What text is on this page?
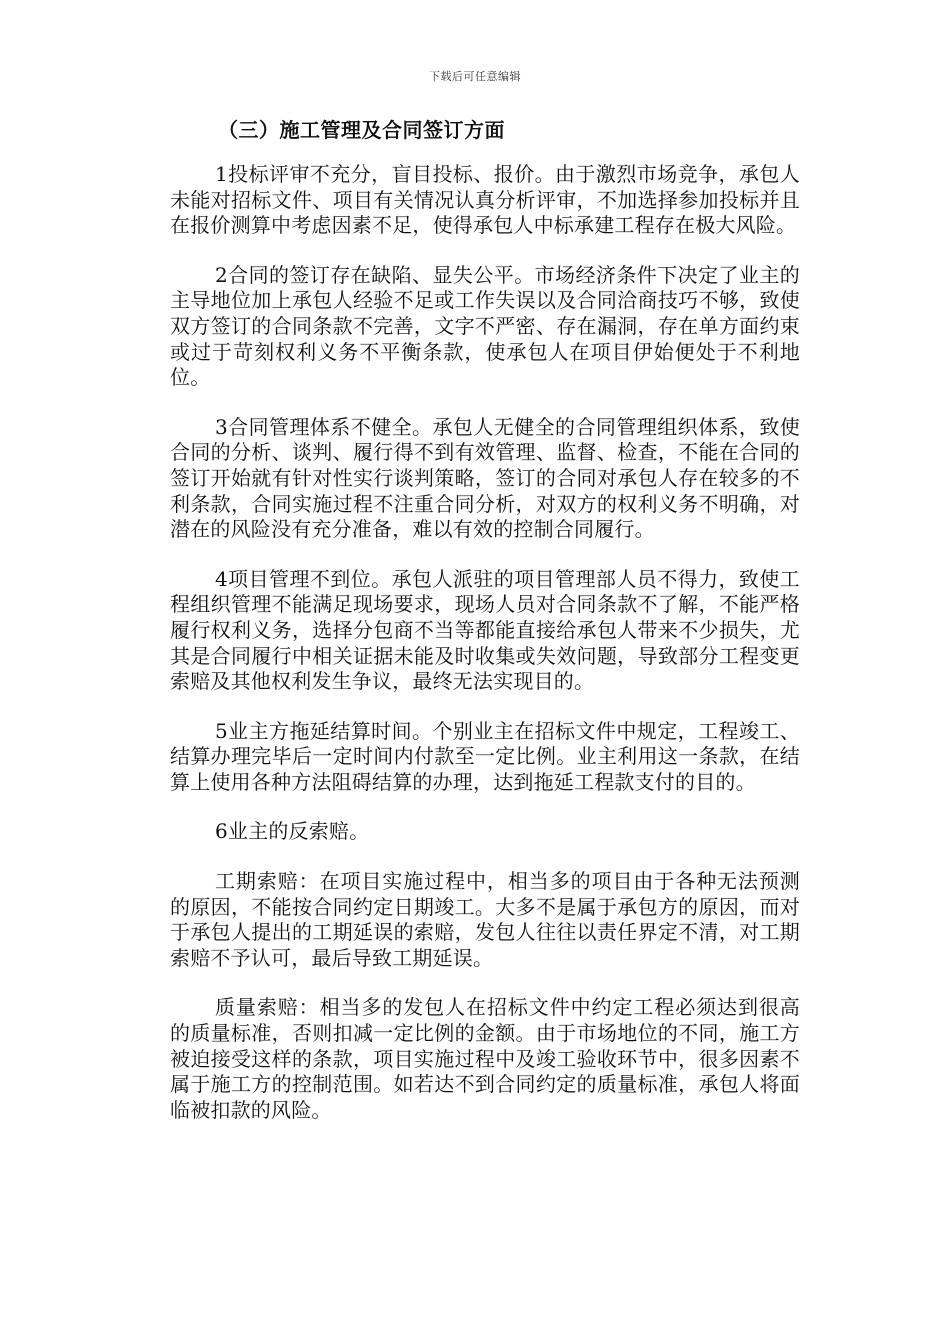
下载后可任意编辑
（三）施工管理及合同签订方面

1投标评审不充分，盲目投标、报价。由于激烈市场竞争，承包人未能对招标文件、项目有关情况认真分析评审，不加选择参加投标并且在报价测算中考虑因素不足，使得承包人中标承建工程存在极大风险。

2合同的签订存在缺陷、显失公平。市场经济条件下决定了业主的主导地位加上承包人经验不足或工作失误以及合同洽商技巧不够，致使双方签订的合同条款不完善，文字不严密、存在漏洞，存在单方面约束或过于苛刻权利义务不平衡条款，使承包人在项目伊始便处于不利地位。

3合同管理体系不健全。承包人无健全的合同管理组织体系，致使合同的分析、谈判、履行得不到有效管理、监督、检查，不能在合同的签订开始就有针对性实行谈判策略，签订的合同对承包人存在较多的不利条款，合同实施过程不注重合同分析，对双方的权利义务不明确，对潜在的风险没有充分准备，难以有效的控制合同履行。

4项目管理不到位。承包人派驻的项目管理部人员不得力，致使工程组织管理不能满足现场要求，现场人员对合同条款不了解，不能严格履行权利义务，选择分包商不当等都能直接给承包人带来不少损失，尤其是合同履行中相关证据未能及时收集或失效问题，导致部分工程变更索赔及其他权利发生争议，最终无法实现目的。

5业主方拖延结算时间。个别业主在招标文件中规定，工程竣工、结算办理完毕后一定时间内付款至一定比例。业主利用这一条款，在结算上使用各种方法阻碍结算的办理，达到拖延工程款支付的目的。

6业主的反索赔。

工期索赔：在项目实施过程中，相当多的项目由于各种无法预测的原因，不能按合同约定日期竣工。大多不是属于承包方的原因，而对于承包人提出的工期延误的索赔，发包人往往以责任界定不清，对工期索赔不予认可，最后导致工期延误。

质量索赔：相当多的发包人在招标文件中约定工程必须达到很高的质量标准，否则扣减一定比例的金额。由于市场地位的不同，施工方被迫接受这样的条款，项目实施过程中及竣工验收环节中，很多因素不属于施工方的控制范围。如若达不到合同约定的质量标准，承包人将面临被扣款的风险。
